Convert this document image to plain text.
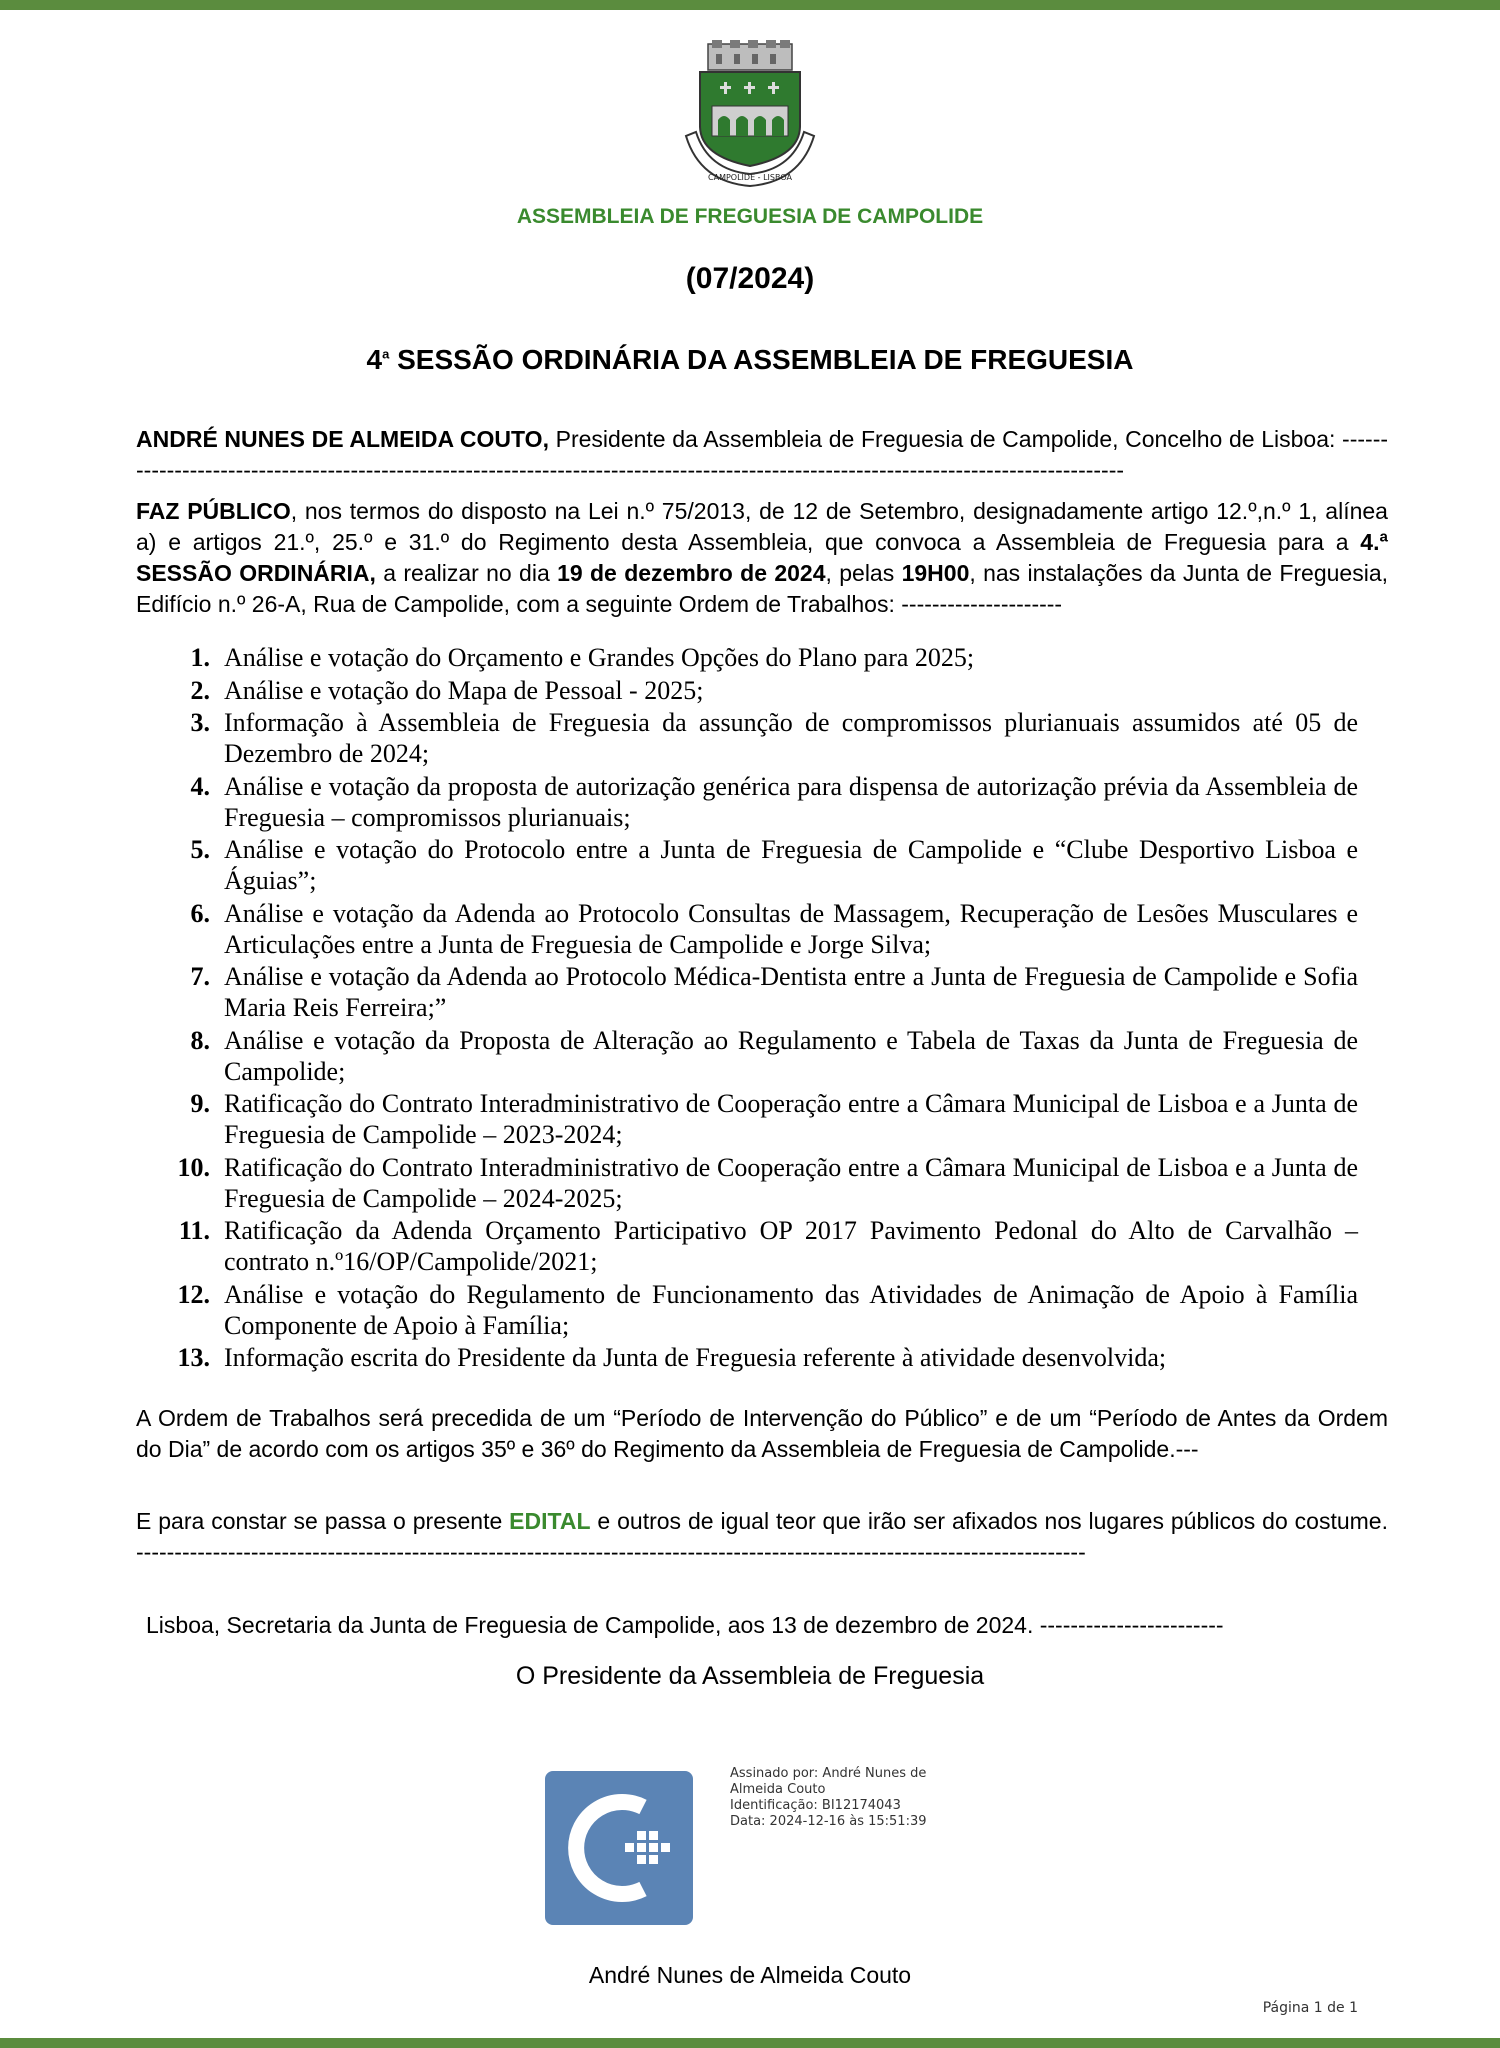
CAMPOLIDE - LISBOA
ASSEMBLEIA DE FREGUESIA DE CAMPOLIDE
(07/2024)
4$^a$ SESSÃO ORDINÁRIA DA ASSEMBLEIA DE FREGUESIA

ANDRÉ NUNES DE ALMEIDA COUTO, Presidente da Assembleia de Freguesia de Campolide, Concelho de Lisboa: ---------------------------------------------------------------------------------------------------------------------------------------

FAZ PÚBLICO, nos termos do disposto na Lei n.º 75/2013, de 12 de Setembro, designadamente artigo 12.º,n.º 1, alínea a) e artigos 21.º, 25.º e 31.º do Regimento desta Assembleia, que convoca a Assembleia de Freguesia para a 4.ª SESSÃO ORDINÁRIA, a realizar no dia 19 de dezembro de 2024, pelas 19H00, nas instalações da Junta de Freguesia, Edifício n.º 26-A, Rua de Campolide, com a seguinte Ordem de Trabalhos: ---------------------

1. Análise e votação do Orçamento e Grandes Opções do Plano para 2025;
2. Análise e votação do Mapa de Pessoal - 2025;
3. Informação à Assembleia de Freguesia da assunção de compromissos plurianuais assumidos até 05 de Dezembro de 2024;
4. Análise e votação da proposta de autorização genérica para dispensa de autorização prévia da Assembleia de Freguesia – compromissos plurianuais;
5. Análise e votação do Protocolo entre a Junta de Freguesia de Campolide e “Clube Desportivo Lisboa e Águias”;
6. Análise e votação da Adenda ao Protocolo Consultas de Massagem, Recuperação de Lesões Musculares e Articulações entre a Junta de Freguesia de Campolide e Jorge Silva;
7. Análise e votação da Adenda ao Protocolo Médica-Dentista entre a Junta de Freguesia de Campolide e Sofia Maria Reis Ferreira;”
8. Análise e votação da Proposta de Alteração ao Regulamento e Tabela de Taxas da Junta de Freguesia de Campolide;
9. Ratificação do Contrato Interadministrativo de Cooperação entre a Câmara Municipal de Lisboa e a Junta de Freguesia de Campolide – 2023-2024;
10. Ratificação do Contrato Interadministrativo de Cooperação entre a Câmara Municipal de Lisboa e a Junta de Freguesia de Campolide – 2024-2025;
11. Ratificação da Adenda Orçamento Participativo OP 2017 Pavimento Pedonal do Alto de Carvalhão – contrato n.º16/OP/Campolide/2021;
12. Análise e votação do Regulamento de Funcionamento das Atividades de Animação de Apoio à Família Componente de Apoio à Família;
13. Informação escrita do Presidente da Junta de Freguesia referente à atividade desenvolvida;

A Ordem de Trabalhos será precedida de um “Período de Intervenção do Público” e de um “Período de Antes da Ordem do Dia” de acordo com os artigos 35º e 36º do Regimento da Assembleia de Freguesia de Campolide.---

E para constar se passa o presente EDITAL e outros de igual teor que irão ser afixados nos lugares públicos do costume. ----------------------------------------------------------------------------------------------------------------------------

Lisboa, Secretaria da Junta de Freguesia de Campolide, aos 13 de dezembro de 2024. ------------------------
O Presidente da Assembleia de Freguesia
Assinado por: André Nunes de
Almeida Couto
Identificação: BI12174043
Data: 2024-12-16 às 15:51:39
André Nunes de Almeida Couto
Página 1 de 1
